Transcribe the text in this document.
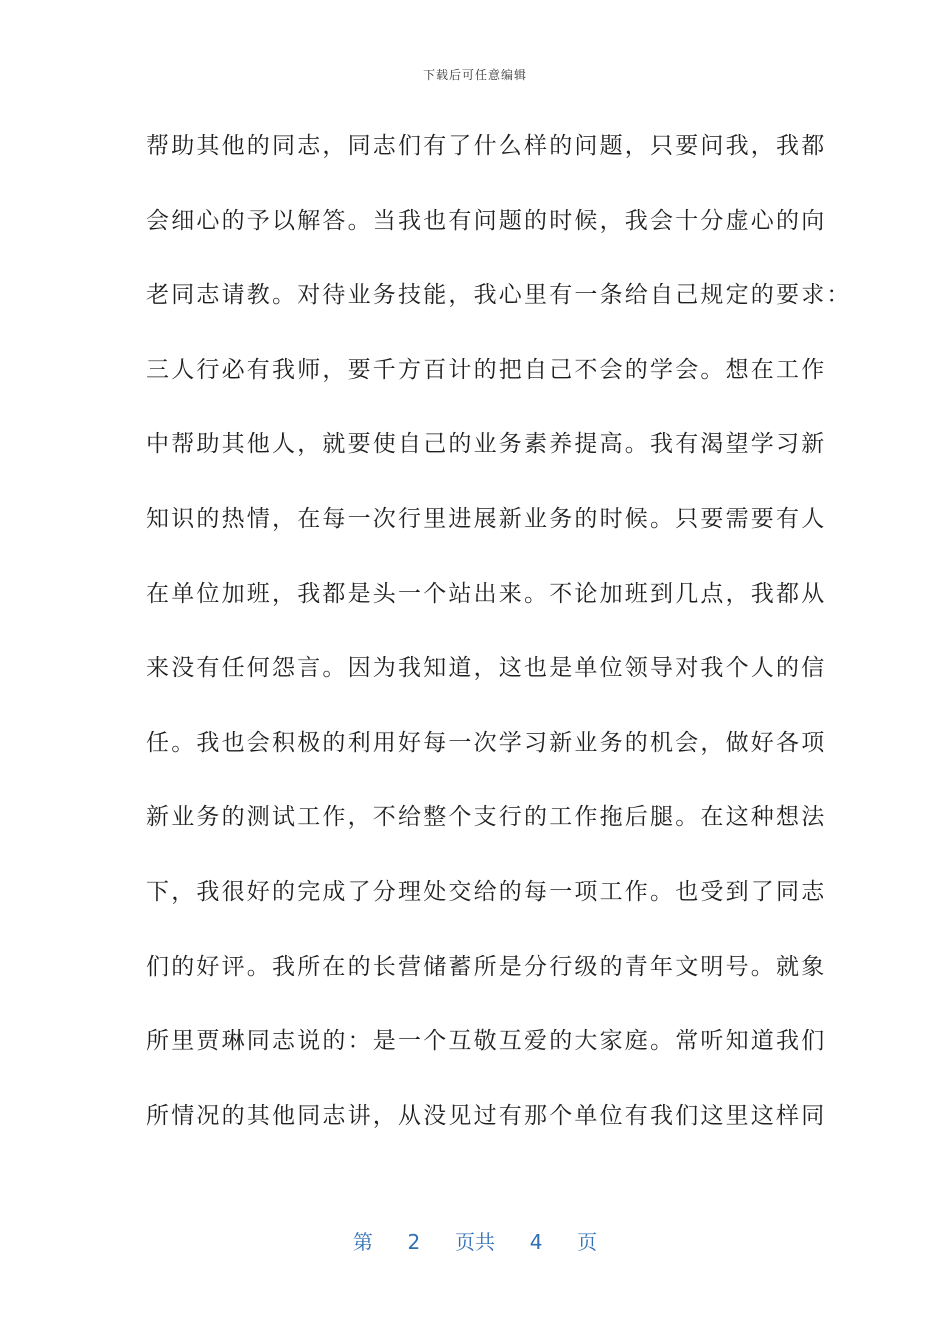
下载后可任意编辑
帮助其他的同志，同志们有了什么样的问题，只要问我，我都
会细心的予以解答。当我也有问题的时候，我会十分虚心的向
老同志请教。对待业务技能，我心里有一条给自己规定的要求：
三人行必有我师，要千方百计的把自己不会的学会。想在工作
中帮助其他人，就要使自己的业务素养提高。我有渴望学习新
知识的热情，在每一次行里进展新业务的时候。只要需要有人
在单位加班，我都是头一个站出来。不论加班到几点，我都从
来没有任何怨言。因为我知道，这也是单位领导对我个人的信
任。我也会积极的利用好每一次学习新业务的机会，做好各项
新业务的测试工作，不给整个支行的工作拖后腿。在这种想法
下，我很好的完成了分理处交给的每一项工作。也受到了同志
们的好评。我所在的长营储蓄所是分行级的青年文明号。就象
所里贾琳同志说的：是一个互敬互爱的大家庭。常听知道我们
所情况的其他同志讲，从没见过有那个单位有我们这里这样同
第 2 页共 4 页
